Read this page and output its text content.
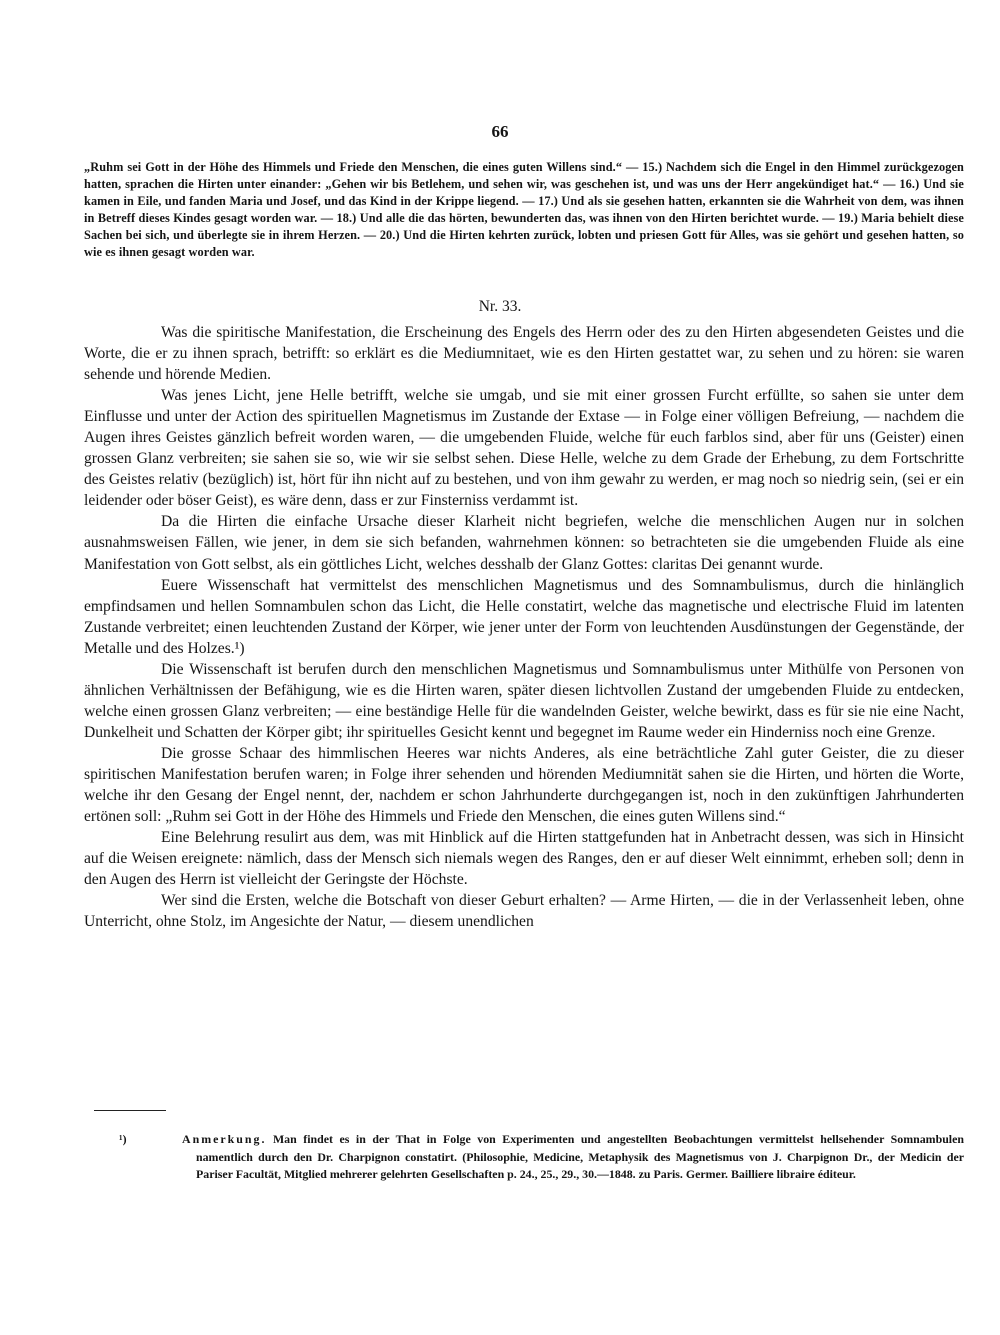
66

„Ruhm sei Gott in der Höhe des Himmels und Friede den Menschen, die eines guten Willens sind.“ — 15.) Nachdem sich die Engel in den Himmel zurückgezogen hatten, sprachen die Hirten unter einander: „Gehen wir bis Betlehem, und sehen wir, was geschehen ist, und was uns der Herr angekündiget hat.“ — 16.) Und sie kamen in Eile, und fanden Maria und Josef, und das Kind in der Krippe liegend. — 17.) Und als sie gesehen hatten, erkannten sie die Wahrheit von dem, was ihnen in Betreff dieses Kindes gesagt worden war. — 18.) Und alle die das hörten, bewunderten das, was ihnen von den Hirten berichtet wurde. — 19.) Maria behielt diese Sachen bei sich, und überlegte sie in ihrem Herzen. — 20.) Und die Hirten kehrten zurück, lobten und priesen Gott für Alles, was sie gehört und gesehen hatten, so wie es ihnen gesagt worden war.

Nr. 33.

Was die spiritische Manifestation, die Erscheinung des Engels des Herrn oder des zu den Hirten abgesendeten Geistes und die Worte, die er zu ihnen sprach, betrifft: so erklärt es die Mediumnitaet, wie es den Hirten gestattet war, zu sehen und zu hören: sie waren sehende und hörende Medien.

Was jenes Licht, jene Helle betrifft, welche sie umgab, und sie mit einer grossen Furcht erfüllte, so sahen sie unter dem Einflusse und unter der Action des spirituellen Magnetismus im Zustande der Extase — in Folge einer völligen Befreiung, — nachdem die Augen ihres Geistes gänzlich befreit worden waren, — die umgebenden Fluide, welche für euch farblos sind, aber für uns (Geister) einen grossen Glanz verbreiten; sie sahen sie so, wie wir sie selbst sehen. Diese Helle, welche zu dem Grade der Erhebung, zu dem Fortschritte des Geistes relativ (bezüglich) ist, hört für ihn nicht auf zu bestehen, und von ihm gewahr zu werden, er mag noch so niedrig sein, (sei er ein leidender oder böser Geist), es wäre denn, dass er zur Finsterniss verdammt ist.

Da die Hirten die einfache Ursache dieser Klarheit nicht begriefen, welche die menschlichen Augen nur in solchen ausnahmsweisen Fällen, wie jener, in dem sie sich befanden, wahrnehmen können: so betrachteten sie die umgebenden Fluide als eine Manifestation von Gott selbst, als ein göttliches Licht, welches desshalb der Glanz Gottes: claritas Dei genannt wurde.

Euere Wissenschaft hat vermittelst des menschlichen Magnetismus und des Somnambulismus, durch die hinlänglich empfindsamen und hellen Somnambulen schon das Licht, die Helle constatirt, welche das magnetische und electrische Fluid im latenten Zustande verbreitet; einen leuchtenden Zustand der Körper, wie jener unter der Form von leuchtenden Ausdünstungen der Gegenstände, der Metalle und des Holzes.¹)

Die Wissenschaft ist berufen durch den menschlichen Magnetismus und Somnambulismus unter Mithülfe von Personen von ähnlichen Verhältnissen der Befähigung, wie es die Hirten waren, später diesen lichtvollen Zustand der umgebenden Fluide zu entdecken, welche einen grossen Glanz verbreiten; — eine beständige Helle für die wandelnden Geister, welche bewirkt, dass es für sie nie eine Nacht, Dunkelheit und Schatten der Körper gibt; ihr spirituelles Gesicht kennt und begegnet im Raume weder ein Hinderniss noch eine Grenze.

Die grosse Schaar des himmlischen Heeres war nichts Anderes, als eine beträchtliche Zahl guter Geister, die zu dieser spiritischen Manifestation berufen waren; in Folge ihrer sehenden und hörenden Mediumnität sahen sie die Hirten, und hörten die Worte, welche ihr den Gesang der Engel nennt, der, nachdem er schon Jahrhunderte durchgegangen ist, noch in den zukünftigen Jahrhunderten ertönen soll: „Ruhm sei Gott in der Höhe des Himmels und Friede den Menschen, die eines guten Willens sind.“

Eine Belehrung resulirt aus dem, was mit Hinblick auf die Hirten stattgefunden hat in Anbetracht dessen, was sich in Hinsicht auf die Weisen ereignete: nämlich, dass der Mensch sich niemals wegen des Ranges, den er auf dieser Welt einnimmt, erheben soll; denn in den Augen des Herrn ist vielleicht der Geringste der Höchste.

Wer sind die Ersten, welche die Botschaft von dieser Geburt erhalten? — Arme Hirten, — die in der Verlassenheit leben, ohne Unterricht, ohne Stolz, im Angesichte der Natur, — diesem unendlichen

¹)	Anmerkung. Man findet es in der That in Folge von Experimenten und angestellten Beobachtungen vermittelst hellsehender Somnambulen namentlich durch den Dr. Charpignon constatirt. (Philosophie, Medicine, Metaphysik des Magnetismus von J. Charpignon Dr., der Medicin der Pariser Facultät, Mitglied mehrerer gelehrten Gesellschaften p. 24., 25., 29., 30.—1848. zu Paris. Germer. Bailliere libraire éditeur.
